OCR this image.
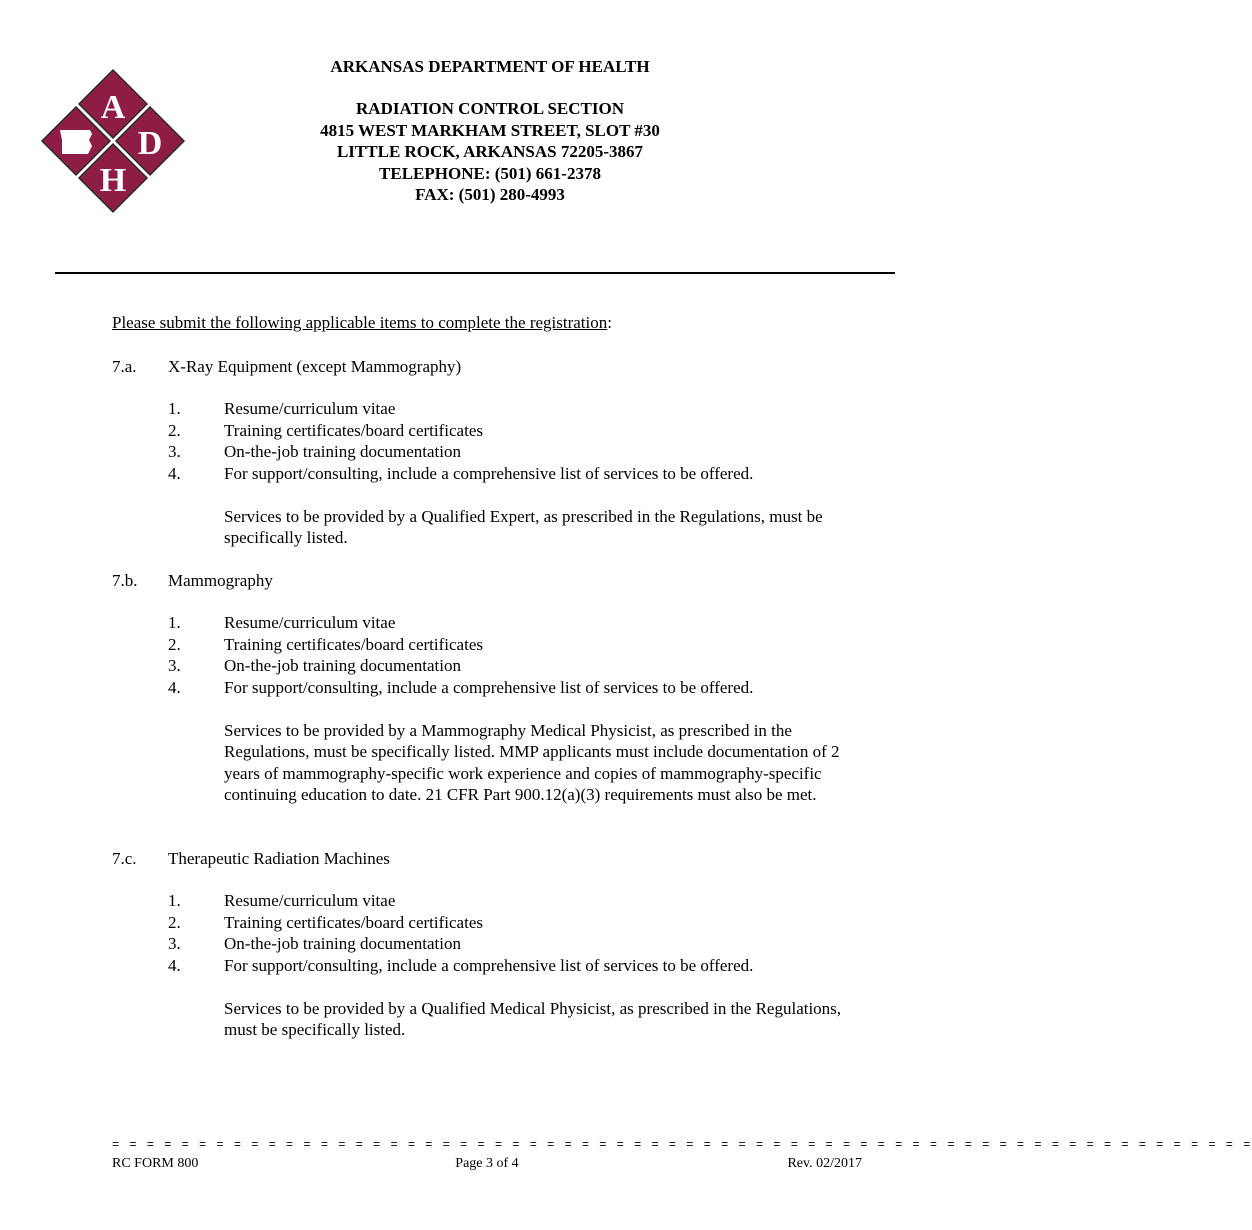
A
D
H
ARKANSAS DEPARTMENT OF HEALTH
RADIATION CONTROL SECTION
4815 WEST MARKHAM STREET, SLOT #30
LITTLE ROCK, ARKANSAS 72205-3867
TELEPHONE: (501) 661-2378
FAX: (501) 280-4993
Please submit the following applicable items to complete the registration:
7.a. X-Ray Equipment (except Mammography)
1.	Resume/curriculum vitae
2.	Training certificates/board certificates
3.	On-the-job training documentation
4.	For support/consulting, include a comprehensive list of services to be offered.
Services to be provided by a Qualified Expert, as prescribed in the Regulations, must be specifically listed.
7.b. Mammography
1.	Resume/curriculum vitae
2.	Training certificates/board certificates
3.	On-the-job training documentation
4.	For support/consulting, include a comprehensive list of services to be offered.
Services to be provided by a Mammography Medical Physicist, as prescribed in the Regulations, must be specifically listed. MMP applicants must include documentation of 2 years of mammography-specific work experience and copies of mammography-specific continuing education to date. 21 CFR Part 900.12(a)(3) requirements must also be met.
7.c. Therapeutic Radiation Machines
1.	Resume/curriculum vitae
2.	Training certificates/board certificates
3.	On-the-job training documentation
4.	For support/consulting, include a comprehensive list of services to be offered.
Services to be provided by a Qualified Medical Physicist, as prescribed in the Regulations, must be specifically listed.
= = = = = = = = = = = = = = = = = = = = = = = = = = = = = = = = = = = = = = = = = = = = = = = = = = = = = = = = = = = = = = = = = =
RC FORM 800	Page 3 of 4	Rev. 02/2017
